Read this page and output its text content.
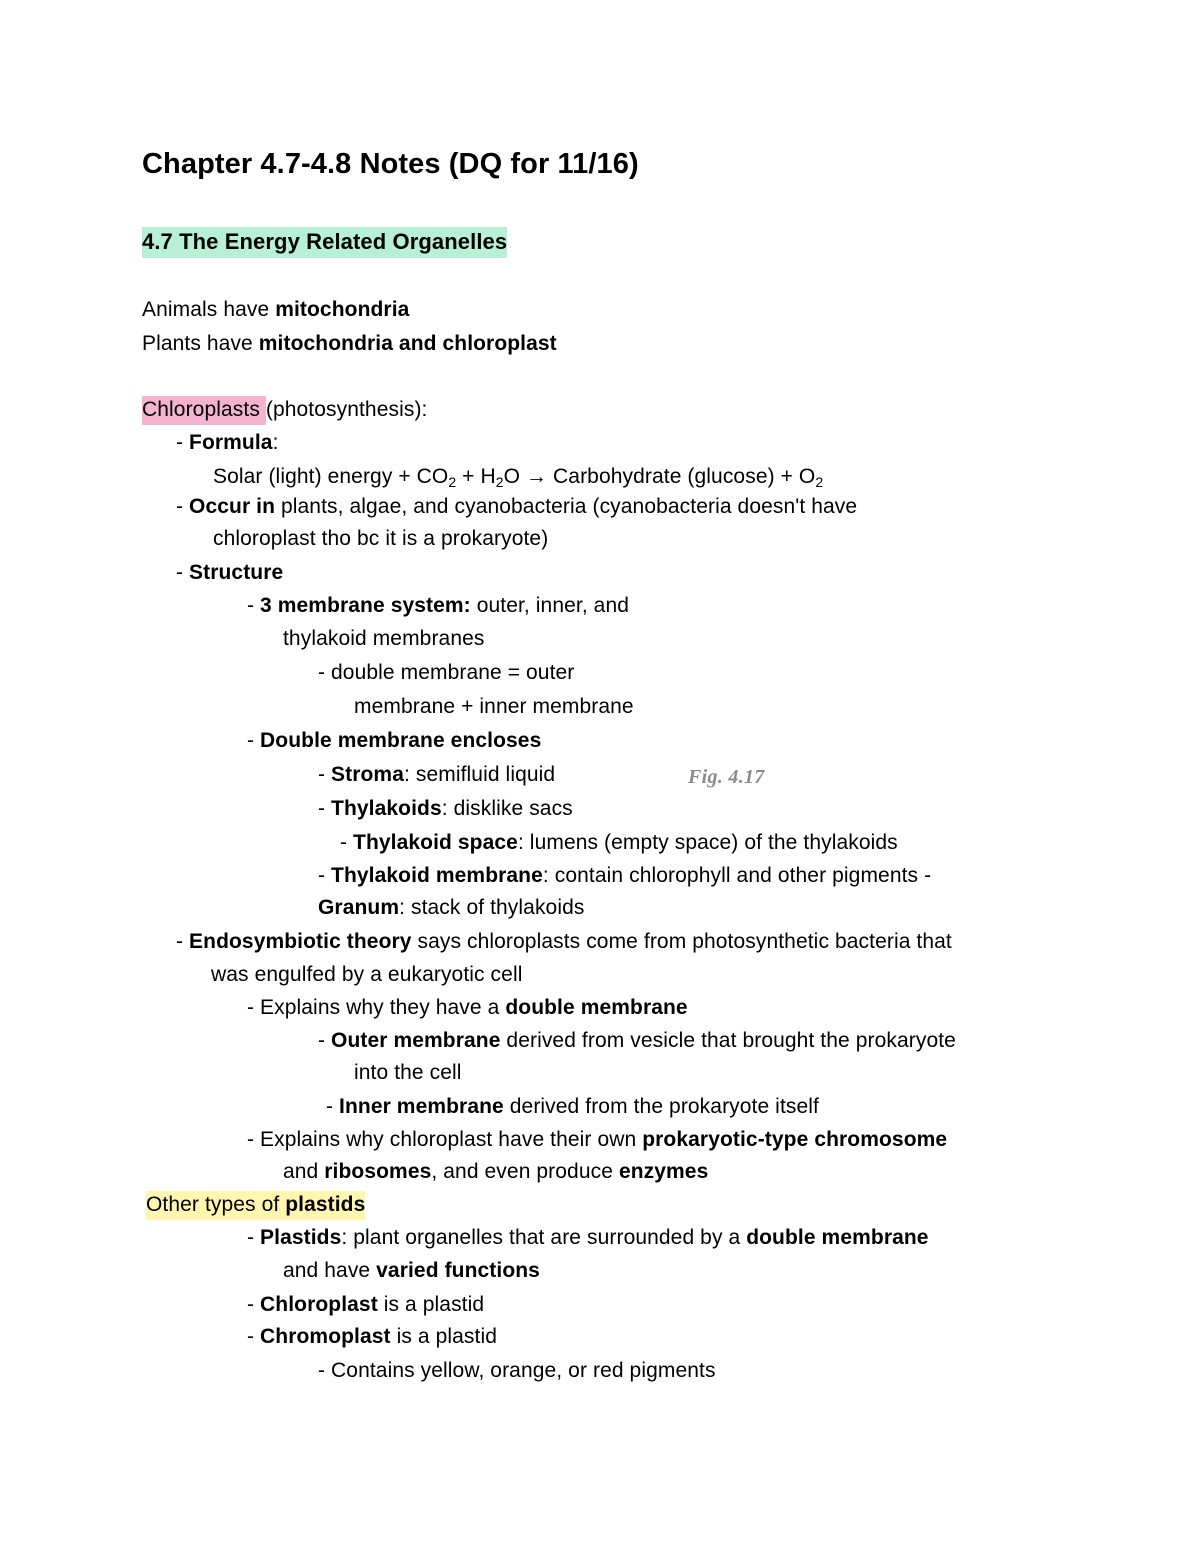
Chapter 4.7-4.8 Notes (DQ for 11/16)
4.7 The Energy Related Organelles
Animals have mitochondria
Plants have mitochondria and chloroplast
Chloroplasts (photosynthesis):
- Formula:
Solar (light) energy + $CO_2 + H_2O$ → Carbohydrate $(glucose) + O_2$
- Occur in plants, algae, and cyanobacteria (cyanobacteria doesn't have
chloroplast tho bc it is a prokaryote)
- Structure
- 3 membrane system: outer, inner, and
thylakoid membranes
- double membrane = outer
membrane + inner membrane
- Double membrane encloses
- Stroma: semifluid liquid	Fig. 4.17
- Thylakoids: disklike sacs
- Thylakoid space: lumens (empty space) of the thylakoids
- Thylakoid membrane: contain chlorophyll and other pigments -
Granum: stack of thylakoids
- Endosymbiotic theory says chloroplasts come from photosynthetic bacteria that
was engulfed by a eukaryotic cell
- Explains why they have a double membrane
- Outer membrane derived from vesicle that brought the prokaryote
into the cell
- Inner membrane derived from the prokaryote itself
- Explains why chloroplast have their own prokaryotic-type chromosome
and ribosomes, and even produce enzymes
Other types of plastids
- Plastids: plant organelles that are surrounded by a double membrane
and have varied functions
- Chloroplast is a plastid
- Chromoplast is a plastid
- Contains yellow, orange, or red pigments
